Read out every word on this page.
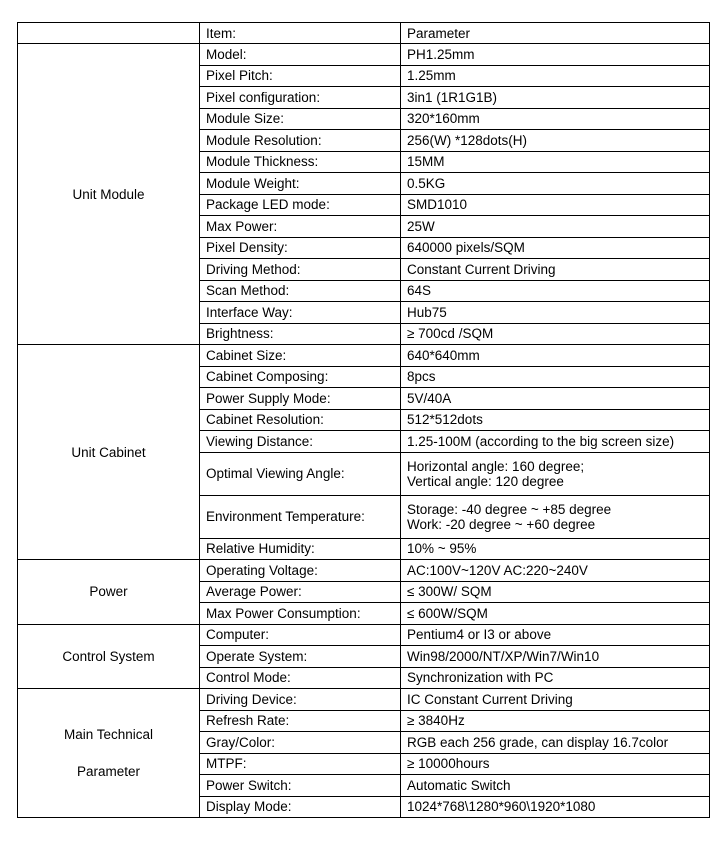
	Item:	Parameter

Unit Module	Model:	PH1.25mm

	Pixel Pitch:	1.25mm

	Pixel configuration:	3in1 (1R1G1B)

	Module Size:	320*160mm

	Module Resolution:	256(W) *128dots(H)

	Module Thickness:	15MM

	Module Weight:	0.5KG

	Package LED mode:	SMD1010

	Max Power:	25W

	Pixel Density:	640000 pixels/SQM

	Driving Method:	Constant Current Driving

	Scan Method:	64S

	Interface Way:	Hub75

	Brightness:	≥ 700cd /SQM

Unit Cabinet	Cabinet Size:	640*640mm

	Cabinet Composing:	8pcs

	Power Supply Mode:	5V/40A

	Cabinet Resolution:	512*512dots

	Viewing Distance:	1.25-100M (according to the big screen size)

	Optimal Viewing Angle:	Horizontal angle: 160 degree;
Vertical angle: 120 degree

	Environment Temperature:	Storage: -40 degree ~ +85 degree
Work: -20 degree ~ +60 degree

	Relative Humidity:	10% ~ 95%

Power	Operating Voltage:	AC:100V~120V AC:220~240V

	Average Power:	≤ 300W/ SQM

	Max Power Consumption:	≤ 600W/SQM

Control System	Computer:	Pentium4 or I3 or above

	Operate System:	Win98/2000/NT/XP/Win7/Win10

	Control Mode:	Synchronization with PC

Main Technical
Parameter	Driving Device:	IC Constant Current Driving

	Refresh Rate:	≥ 3840Hz

	Gray/Color:	RGB each 256 grade, can display 16.7color

	MTPF:	≥ 10000hours

	Power Switch:	Automatic Switch

	Display Mode:	1024*768\1280*960\1920*1080
